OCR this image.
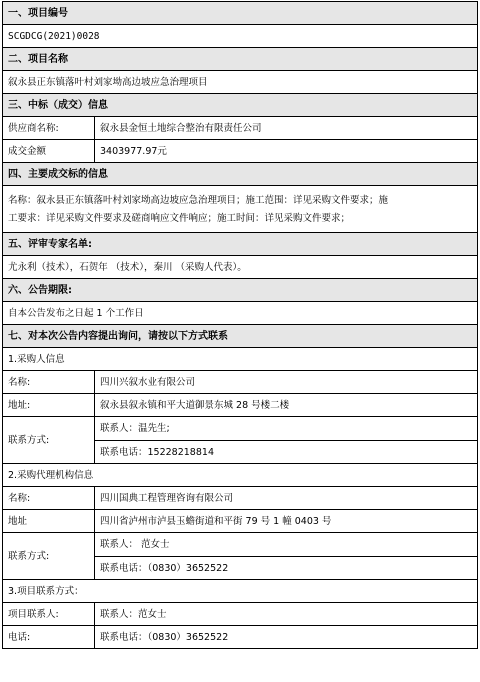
一、项目编号
SCGDCG(2021)0028
二、项目名称
叙永县正东镇落叶村刘家坳高边坡应急治理项目
三、中标（成交）信息
供应商名称:	叙永县金恒土地综合整治有限责任公司
成交金额	3403977.97元
四、主要成交标的信息
名称：叙永县正东镇落叶村刘家坳高边坡应急治理项目；施工范围：详见采购文件要求；施
工要求：详见采购文件要求及磋商响应文件响应；施工时间：详见采购文件要求；
五、评审专家名单:
尤永利（技术），石贺年 （技术），秦川 （采购人代表）。
六、公告期限:
自本公告发布之日起 1 个工作日
七、对本次公告内容提出询问，请按以下方式联系
1.采购人信息
名称:	四川兴叙水业有限公司
地址:	叙永县叙永镇和平大道御景东城 28 号楼二楼
联系方式:
联系人：温先生;
联系电话：15228218814
2.采购代理机构信息
名称:	四川国典工程管理咨询有限公司
地址	四川省泸州市泸县玉蟾街道和平街 79 号 1 幢 0403 号
联系方式:
联系人： 范女士
联系电话：（0830）3652522
3.项目联系方式：
项目联系人:	联系人：范女士
电话:	联系电话：（0830）3652522
